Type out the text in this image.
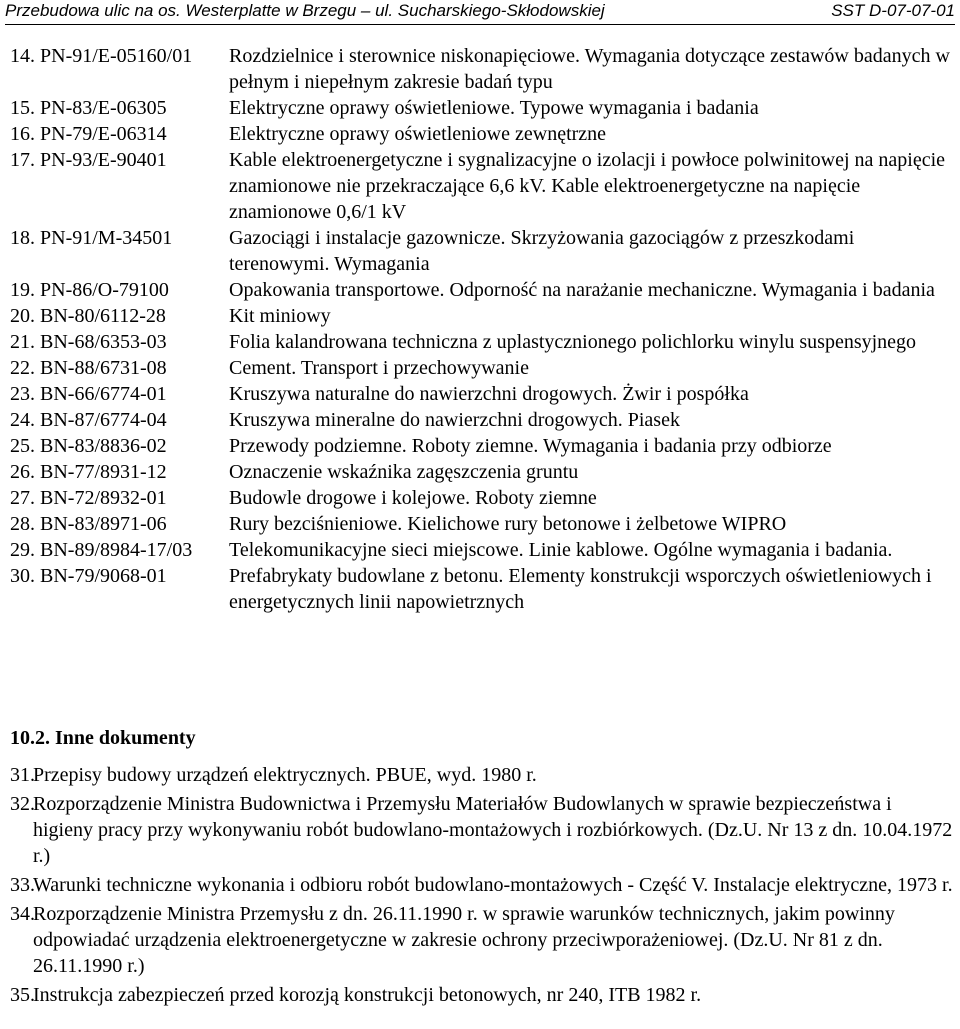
Przebudowa ulic na os. Westerplatte w Brzegu – ul. Sucharskiego-Skłodowskiej	SST D-07-07-01
14. PN-91/E-05160/01	Rozdzielnice i sterownice niskonapięciowe. Wymagania dotyczące zestawów badanych w pełnym i niepełnym zakresie badań typu
15. PN-83/E-06305	Elektryczne oprawy oświetleniowe. Typowe wymagania i badania
16. PN-79/E-06314	Elektryczne oprawy oświetleniowe zewnętrzne
17. PN-93/E-90401	Kable elektroenergetyczne i sygnalizacyjne o izolacji i powłoce polwinitowej na napięcie znamionowe nie przekraczające 6,6 kV. Kable elektroenergetyczne na napięcie znamionowe 0,6/1 kV
18. PN-91/M-34501	Gazociągi i instalacje gazownicze. Skrzyżowania gazociągów z przeszkodami terenowymi. Wymagania
19. PN-86/O-79100	Opakowania transportowe. Odporność na narażanie mechaniczne. Wymagania i badania
20. BN-80/6112-28	Kit miniowy
21. BN-68/6353-03	Folia kalandrowana techniczna z uplastycznionego polichlorku winylu suspensyjnego
22. BN-88/6731-08	Cement. Transport i przechowywanie
23. BN-66/6774-01	Kruszywa naturalne do nawierzchni drogowych. Żwir i pospółka
24. BN-87/6774-04	Kruszywa mineralne do nawierzchni drogowych. Piasek
25. BN-83/8836-02	Przewody podziemne. Roboty ziemne. Wymagania i badania przy odbiorze
26. BN-77/8931-12	Oznaczenie wskaźnika zagęszczenia gruntu
27. BN-72/8932-01	Budowle drogowe i kolejowe. Roboty ziemne
28. BN-83/8971-06	Rury bezciśnieniowe. Kielichowe rury betonowe i żelbetowe WIPRO
29. BN-89/8984-17/03	Telekomunikacyjne sieci miejscowe. Linie kablowe. Ogólne wymagania i badania.
30. BN-79/9068-01	Prefabrykaty budowlane z betonu. Elementy konstrukcji wsporczych oświetleniowych i energetycznych linii napowietrznych
10.2. Inne dokumenty
31.
Przepisy budowy urządzeń elektrycznych. PBUE, wyd. 1980 r.
32.
Rozporządzenie Ministra Budownictwa i Przemysłu Materiałów Budowlanych w sprawie bezpieczeństwa i higieny pracy przy wykonywaniu robót budowlano-montażowych i rozbiórkowych. (Dz.U. Nr 13 z dn. 10.04.1972 r.)
33.
Warunki techniczne wykonania i odbioru robót budowlano-montażowych - Część V. Instalacje elektryczne, 1973 r.
34.
Rozporządzenie Ministra Przemysłu z dn. 26.11.1990 r. w sprawie warunków technicznych, jakim powinny odpowiadać urządzenia elektroenergetyczne w zakresie ochrony przeciwporażeniowej. (Dz.U. Nr 81 z dn. 26.11.1990 r.)
35.
Instrukcja zabezpieczeń przed korozją konstrukcji betonowych, nr 240, ITB 1982 r.
